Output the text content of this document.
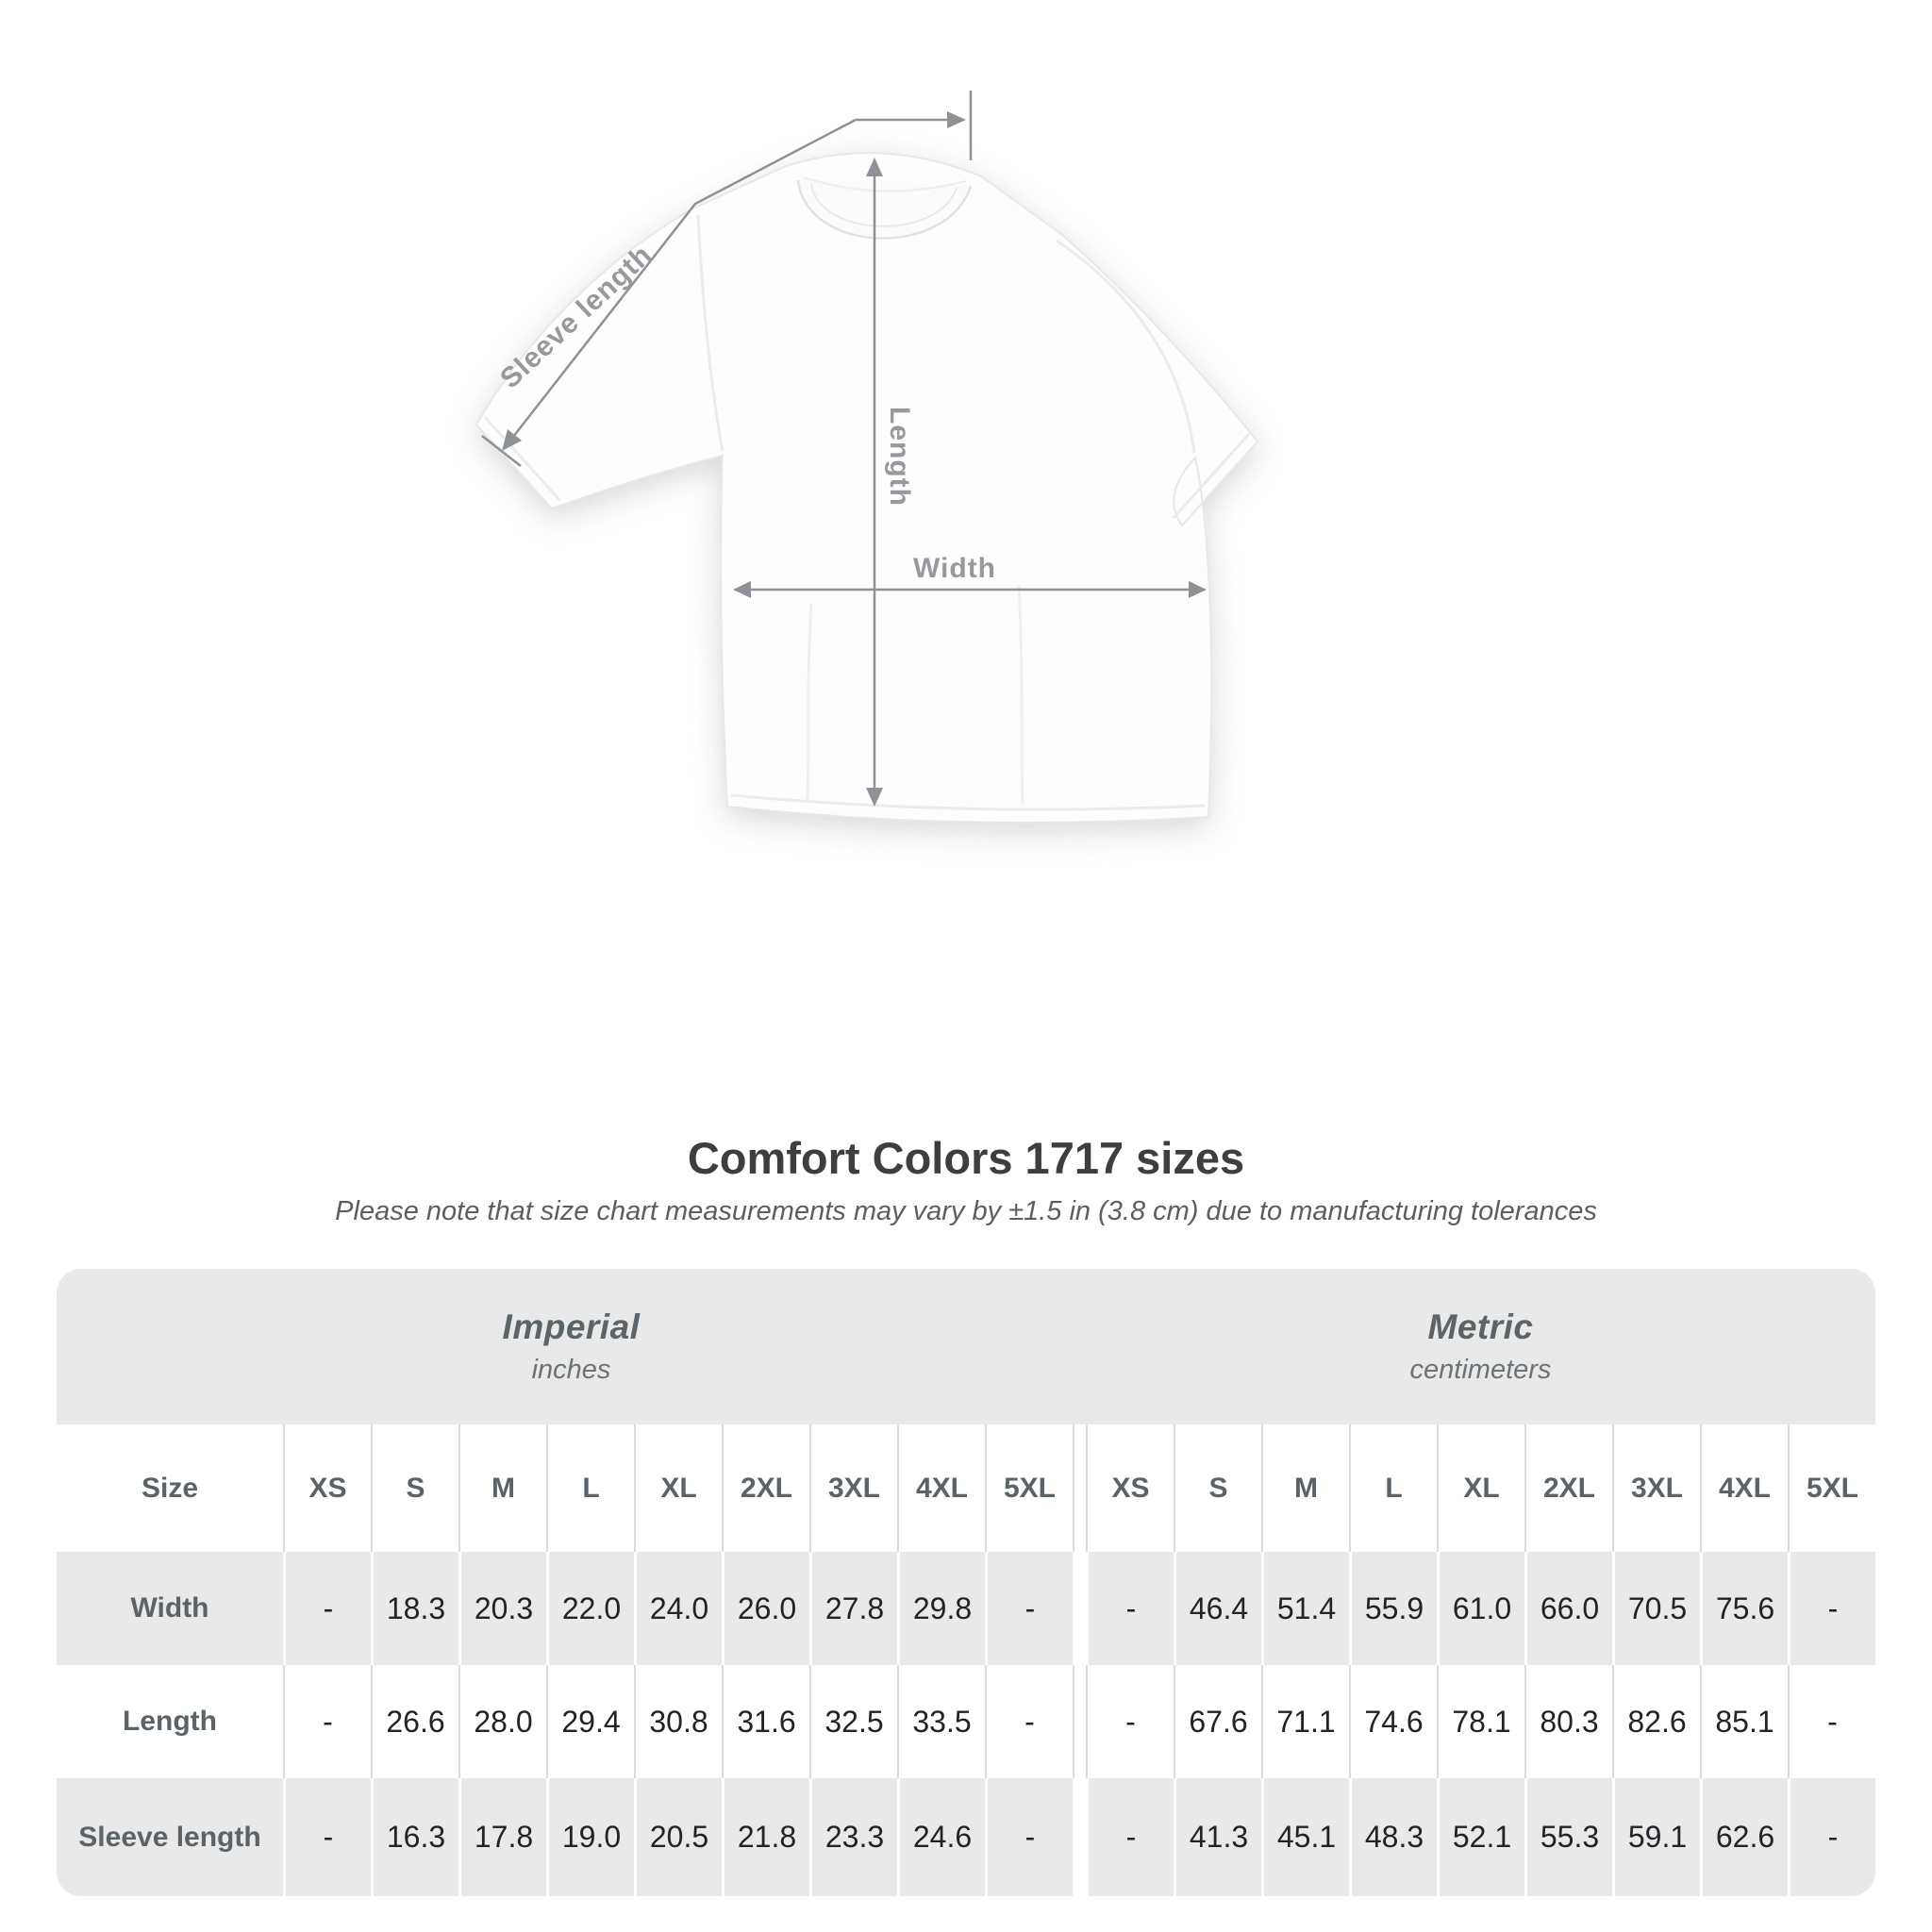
Sleeve length
Length
Width
Comfort Colors 1717 sizes

Please note that size chart measurements may vary by ±1.5 in (3.8 cm) due to manufacturing tolerances

Imperial
inches
Metric
centimeters
Size	XS	S	M	L	XL	2XL	3XL	4XL	5XL	XS	S	M	L	XL	2XL	3XL	4XL	5XL
Width	-	18.3 20.3 22.0 24.0 26.0 27.8 29.8	-	-	46.4 51.4 55.9 61.0 66.0 70.5 75.6	-
Length	-	26.6 28.0 29.4 30.8 31.6 32.5 33.5	-	-	67.6 71.1 74.6 78.1 80.3 82.6 85.1	-
Sleeve length	-	16.3 17.8 19.0 20.5 21.8 23.3 24.6	-	-	41.3 45.1 48.3 52.1 55.3 59.1 62.6	-
